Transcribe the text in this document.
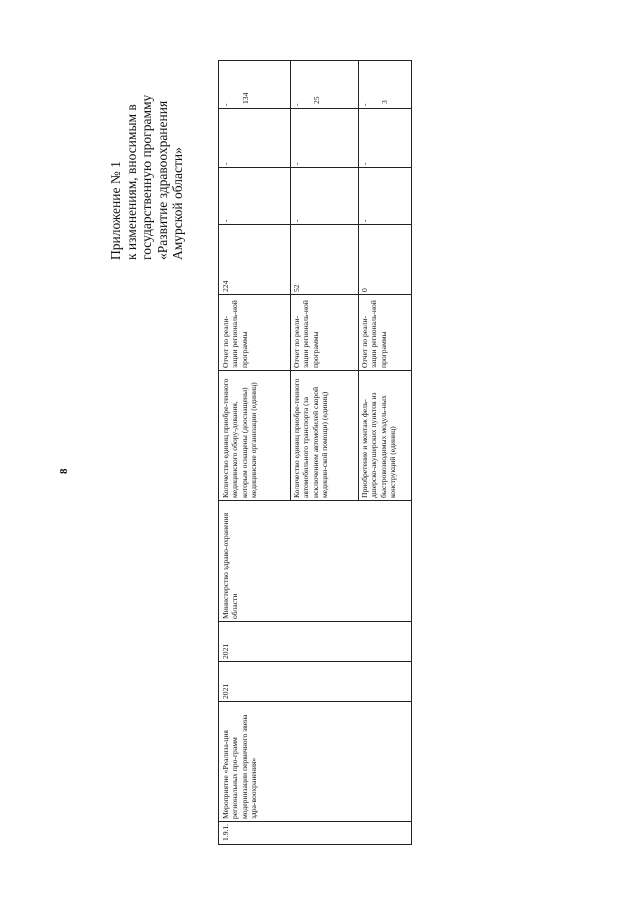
8
Приложение № 1 к изменениям, вносимым в государственную программу «Развитие здравоохранения Амурской области»
1.9.1.
Мероприятие «Реализа-ция региональных про-грамм модернизации первичного звена здра-воохранения»
2021
2021
Министерство здраво-охранения области
Количество единиц приобре-тенного медицинского обору-дования, которым оснащены (дооснащены) медицинские организации (единиц)
Отчет по реали-зации региональ-ной программы
224
-
-
-
134
Количество единиц приобре-тенного автомобильного транспорта (за исключением автомобилей скорой медицин-ской помощи) (единиц)
Отчет по реали-зации региональ-ной программы
52
-
-
-
25
Приобретение и монтаж фель-дшерско-акушерских пунктов из быстровозводимых модуль-ных конструкций (единиц)
Отчет по реали-зации региональ-ной программы
0
-
-
-
3
